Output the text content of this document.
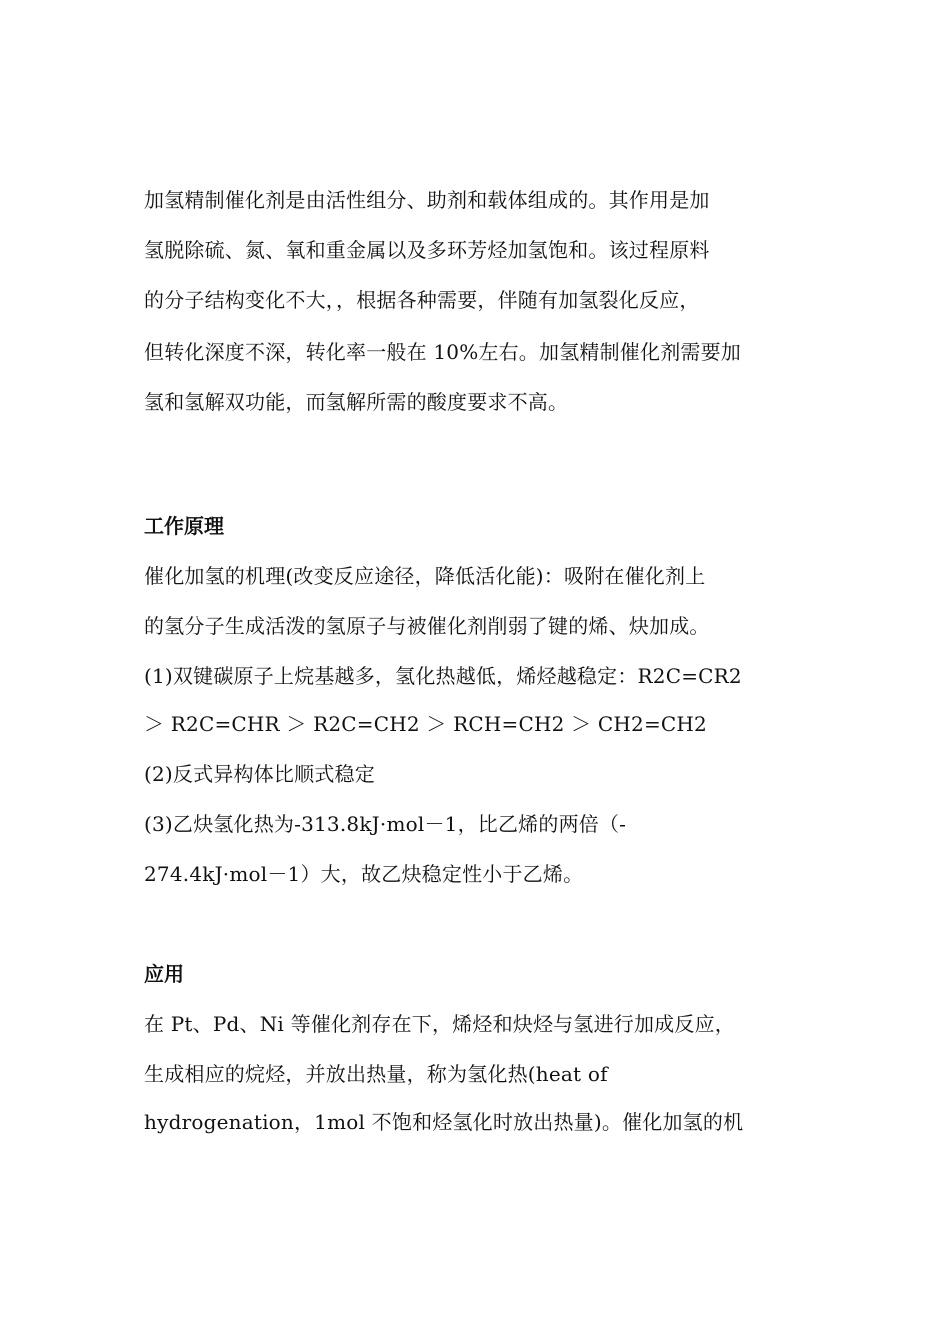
加氢精制催化剂是由活性组分、助剂和载体组成的。其作用是加
氢脱除硫、氮、氧和重金属以及多环芳烃加氢饱和。该过程原料
的分子结构变化不大，，根据各种需要，伴随有加氢裂化反应，
但转化深度不深，转化率一般在 10%左右。加氢精制催化剂需要加
氢和氢解双功能，而氢解所需的酸度要求不高。
工作原理
催化加氢的机理(改变反应途径，降低活化能)：吸附在催化剂上
的氢分子生成活泼的氢原子与被催化剂削弱了键的烯、炔加成。
(1)双键碳原子上烷基越多，氢化热越低，烯烃越稳定：R2C=CR2
＞ R2C=CHR ＞ R2C=CH2 ＞ RCH=CH2 ＞ CH2=CH2
(2)反式异构体比顺式稳定
(3)乙炔氢化热为-313.8kJ·mol－1，比乙烯的两倍（-
274.4kJ·mol－1）大，故乙炔稳定性小于乙烯。
应用
在 Pt、Pd、Ni 等催化剂存在下，烯烃和炔烃与氢进行加成反应，
生成相应的烷烃，并放出热量，称为氢化热(heat of
hydrogenation，1mol 不饱和烃氢化时放出热量)。催化加氢的机
